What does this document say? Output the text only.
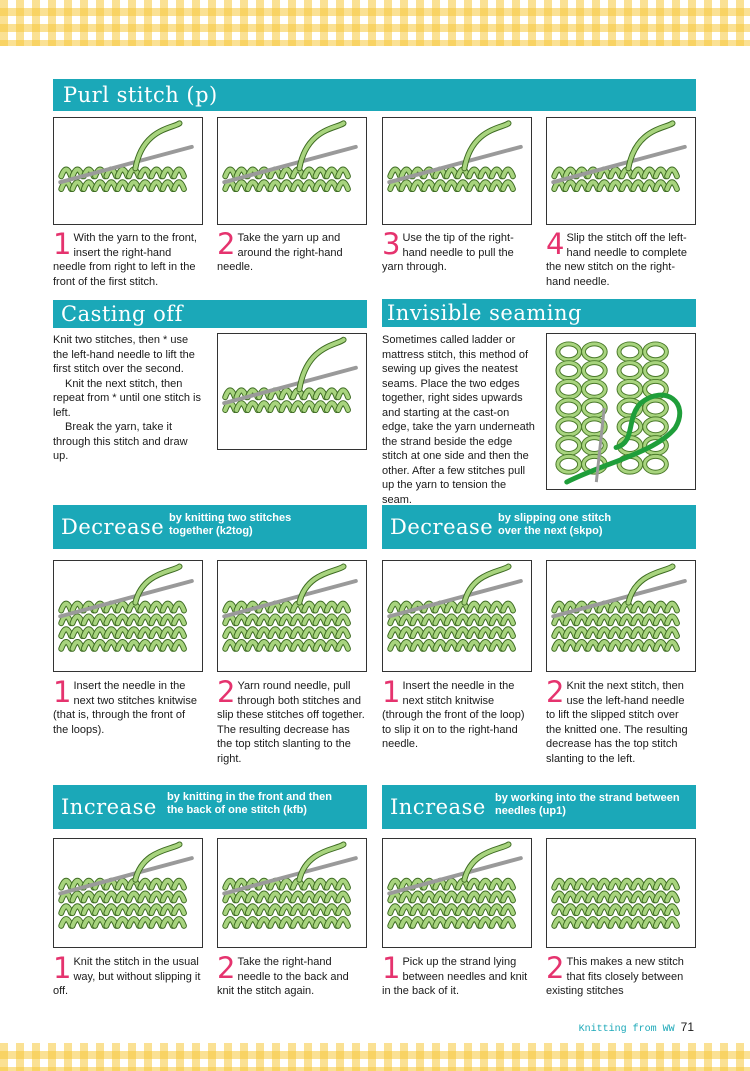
Purl stitch (p)
1 With the yarn to the front, insert the right-hand needle from right to left in the front of the first stitch.
2 Take the yarn up and around the right-hand needle.
3 Use the tip of the right-hand needle to pull the yarn through.
4 Slip the stitch off the left-hand needle to complete the new stitch on the right-hand needle.
Casting off

Knit two stitches, then * use the left-hand needle to lift the first stitch over the second.

Knit the next stitch, then repeat from * until one stitch is left.

Break the yarn, take it through this stitch and draw up.

Invisible seaming

Sometimes called ladder or mattress stitch, this method of sewing up gives the neatest seams. Place the two edges together, right sides upwards and starting at the cast-on edge, take the yarn underneath the strand beside the edge stitch at one side and then the other. After a few stitches pull up the yarn to tension the seam.

Decrease by knitting two stitches
together (k2tog)	Decrease by slipping one stitch
over the next (skpo)
1 Insert the needle in the next two stitches knitwise (that is, through the front of the loops).
2 Yarn round needle, pull through both stitches and slip these stitches off together. The resulting decrease has the top stitch slanting to the right.
1 Insert the needle in the next stitch knitwise (through the front of the loop) to slip it on to the right-hand needle.
2 Knit the next stitch, then use the left-hand needle to lift the slipped stitch over the knitted one. The resulting decrease has the top stitch slanting to the left.
Increase by knitting in the front and then
the back of one stitch (kfb)	Increase by working into the strand between
needles (up1)
1 Knit the stitch in the usual way, but without slipping it off.
2 Take the right-hand needle to the back and knit the stitch again.
1 Pick up the strand lying between needles and knit in the back of it.
2 This makes a new stitch that fits closely between existing stitches
Knitting from WW 71
